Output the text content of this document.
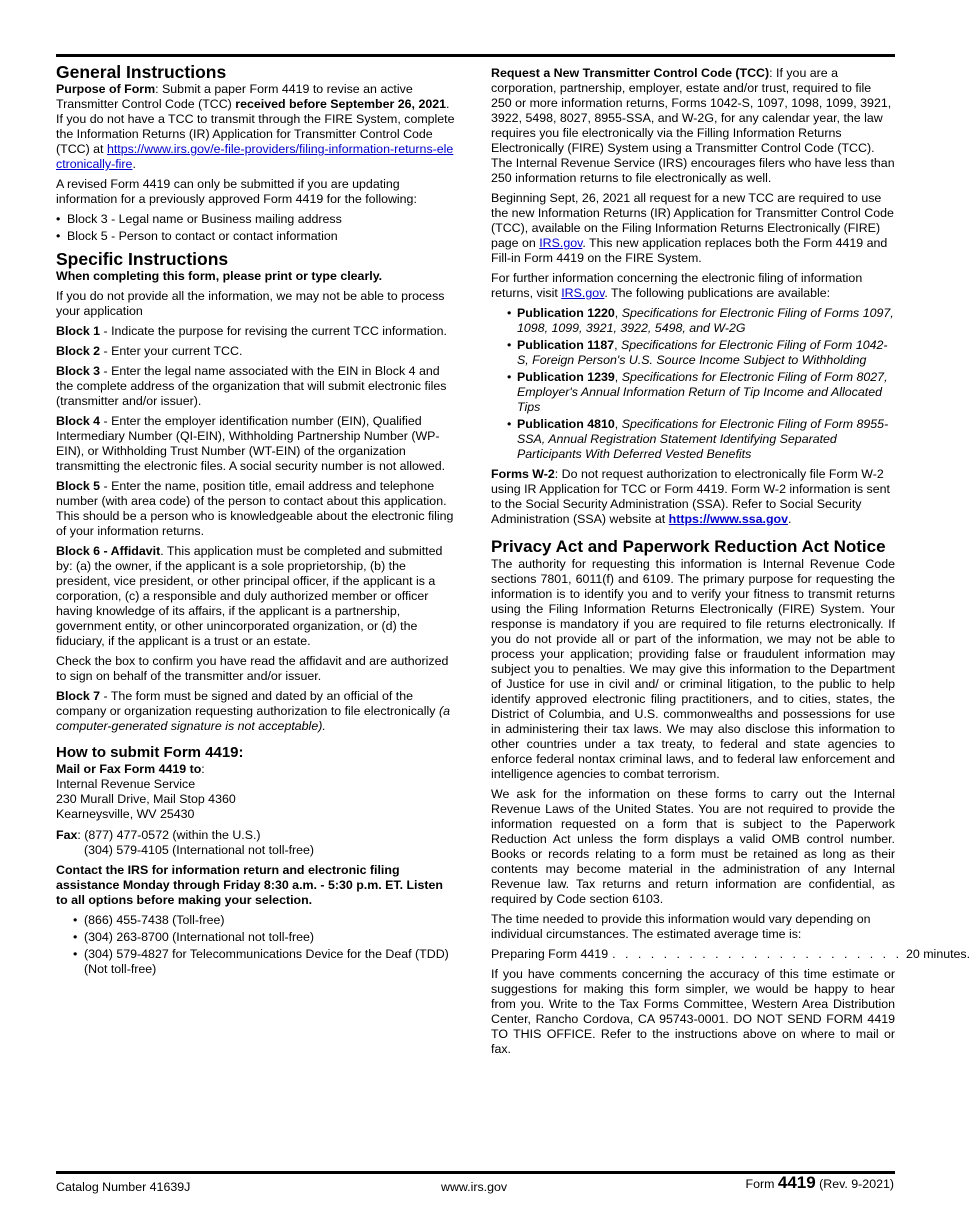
General Instructions

Purpose of Form: Submit a paper Form 4419 to revise an active Transmitter Control Code (TCC) received before September 26, 2021. If you do not have a TCC to transmit through the FIRE System, complete the Information Returns (IR) Application for Transmitter Control Code (TCC) at https://www.irs.gov/e-file-providers/filing-information-returns-electronically-fire.

A revised Form 4419 can only be submitted if you are updating information for a previously approved Form 4419 for the following:

• Block 3 - Legal name or Business mailing address
• Block 5 - Person to contact or contact information
Specific Instructions

When completing this form, please print or type clearly.

If you do not provide all the information, we may not be able to process your application

Block 1 - Indicate the purpose for revising the current TCC information.

Block 2 - Enter your current TCC.

Block 3 - Enter the legal name associated with the EIN in Block 4 and the complete address of the organization that will submit electronic files (transmitter and/or issuer).

Block 4 - Enter the employer identification number (EIN), Qualified Intermediary Number (QI-EIN), Withholding Partnership Number (WP-EIN), or Withholding Trust Number (WT-EIN) of the organization transmitting the electronic files. A social security number is not allowed.

Block 5 - Enter the name, position title, email address and telephone number (with area code) of the person to contact about this application. This should be a person who is knowledgeable about the electronic filing of your information returns.

Block 6 - Affidavit. This application must be completed and submitted by: (a) the owner, if the applicant is a sole proprietorship, (b) the president, vice president, or other principal officer, if the applicant is a corporation, (c) a responsible and duly authorized member or officer having knowledge of its affairs, if the applicant is a partnership, government entity, or other unincorporated organization, or (d) the fiduciary, if the applicant is a trust or an estate.

Check the box to confirm you have read the affidavit and are authorized to sign on behalf of the transmitter and/or issuer.

Block 7 - The form must be signed and dated by an official of the company or organization requesting authorization to file electronically (a computer-generated signature is not acceptable).

How to submit Form 4419:

Mail or Fax Form 4419 to:

Internal Revenue Service
230 Murall Drive, Mail Stop 4360
Kearneysville, WV 25430

Fax: (877) 477-0572 (within the U.S.)
(304) 579-4105 (International not toll-free)

Contact the IRS for information return and electronic filing assistance Monday through Friday 8:30 a.m. - 5:30 p.m. ET. Listen to all options before making your selection.

• (866) 455-7438 (Toll-free)
• (304) 263-8700 (International not toll-free)
• (304) 579-4827 for Telecommunications Device for the Deaf (TDD) (Not toll-free)

Request a New Transmitter Control Code (TCC): If you are a corporation, partnership, employer, estate and/or trust, required to file 250 or more information returns, Forms 1042-S, 1097, 1098, 1099, 3921, 3922, 5498, 8027, 8955-SSA, and W-2G, for any calendar year, the law requires you file electronically via the Filling Information Returns Electronically (FIRE) System using a Transmitter Control Code (TCC). The Internal Revenue Service (IRS) encourages filers who have less than 250 information returns to file electronically as well.

Beginning Sept, 26, 2021 all request for a new TCC are required to use the new Information Returns (IR) Application for Transmitter Control Code (TCC), available on the Filing Information Returns Electronically (FIRE) page on IRS.gov. This new application replaces both the Form 4419 and Fill-in Form 4419 on the FIRE System.

For further information concerning the electronic filing of information returns, visit IRS.gov. The following publications are available:

• Publication 1220, Specifications for Electronic Filing of Forms 1097, 1098, 1099, 3921, 3922, 5498, and W-2G
• Publication 1187, Specifications for Electronic Filing of Form 1042-S, Foreign Person's U.S. Source Income Subject to Withholding
• Publication 1239, Specifications for Electronic Filing of Form 8027, Employer's Annual Information Return of Tip Income and Allocated Tips
• Publication 4810, Specifications for Electronic Filing of Form 8955-SSA, Annual Registration Statement Identifying Separated Participants With Deferred Vested Benefits

Forms W-2: Do not request authorization to electronically file Form W-2 using IR Application for TCC or Form 4419. Form W-2 information is sent to the Social Security Administration (SSA). Refer to Social Security Administration (SSA) website at https://www.ssa.gov.

Privacy Act and Paperwork Reduction Act Notice

The authority for requesting this information is Internal Revenue Code sections 7801, 6011(f) and 6109. The primary purpose for requesting the information is to identify you and to verify your fitness to transmit returns using the Filing Information Returns Electronically (FIRE) System. Your response is mandatory if you are required to file returns electronically. If you do not provide all or part of the information, we may not be able to process your application; providing false or fraudulent information may subject you to penalties. We may give this information to the Department of Justice for use in civil and/ or criminal litigation, to the public to help identify approved electronic filing practitioners, and to cities, states, the District of Columbia, and U.S. commonwealths and possessions for use in administering their tax laws. We may also disclose this information to other countries under a tax treaty, to federal and state agencies to enforce federal nontax criminal laws, and to federal law enforcement and intelligence agencies to combat terrorism.

We ask for the information on these forms to carry out the Internal Revenue Laws of the United States. You are not required to provide the information requested on a form that is subject to the Paperwork Reduction Act unless the form displays a valid OMB control number. Books or records relating to a form must be retained as long as their contents may become material in the administration of any Internal Revenue law. Tax returns and return information are confidential, as required by Code section 6103.

The time needed to provide this information would vary depending on individual circumstances. The estimated average time is:

Preparing Form 4419 . . . . . . . . . . . . . . . . . . . . . . . 20 minutes.

If you have comments concerning the accuracy of this time estimate or suggestions for making this form simpler, we would be happy to hear from you. Write to the Tax Forms Committee, Western Area Distribution Center, Rancho Cordova, CA 95743-0001. DO NOT SEND FORM 4419 TO THIS OFFICE. Refer to the instructions above on where to mail or fax.

Catalog Number 41639J	www.irs.gov	Form 4419 (Rev. 9-2021)
